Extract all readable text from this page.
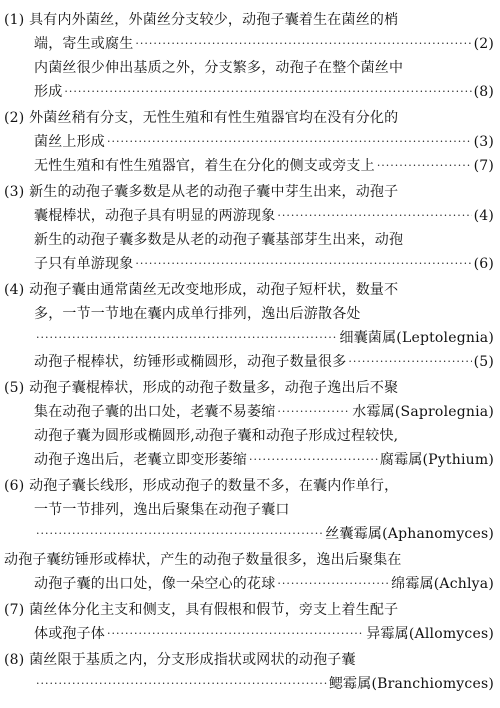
(1) 具有内外菌丝，外菌丝分支较少，动孢子囊着生在菌丝的梢
端，寄生或腐生 ·····	(2)
内菌丝很少伸出基质之外，分支繁多，动孢子在整个菌丝中
形成 ·····	(8)
(2) 外菌丝稍有分支，无性生殖和有性生殖器官均在没有分化的
菌丝上形成 ·····	(3)
无性生殖和有性生殖器官，着生在分化的侧支或旁支上 ·····	(7)
(3) 新生的动孢子囊多数是从老的动孢子囊中芽生出来，动孢子
囊棍棒状，动孢子具有明显的两游现象 ·····	(4)
新生的动孢子囊多数是从老的动孢子囊基部芽生出来，动孢
子只有单游现象 ·····	(6)
(4) 动孢子囊由通常菌丝无改变地形成，动孢子短杆状，数量不
多，一节一节地在囊内成单行排列，逸出后游散各处
·····
细囊菌属(Leptolegnia)
动孢子棍棒状，纺锤形或椭圆形，动孢子数量很多 ·····	(5)
(5) 动孢子囊棍棒状，形成的动孢子数量多，动孢子逸出后不聚
集在动孢子囊的出口处，老囊不易萎缩 ·····	水霉属(Saprolegnia)
动孢子囊为圆形或椭圆形,动孢子囊和动孢子形成过程较快,
动孢子逸出后，老囊立即变形萎缩 ·····	腐霉属(Pythium)
(6) 动孢子囊长线形，形成动孢子的数量不多，在囊内作单行，
一节一节排列，逸出后聚集在动孢子囊口
·····
丝囊霉属(Aphanomyces)
动孢子囊纺锤形或棒状，产生的动孢子数量很多，逸出后聚集在
动孢子囊的出口处，像一朵空心的花球 ·····	绵霉属(Achlya)
(7) 菌丝体分化主支和侧支，具有假根和假节，旁支上着生配子
体或孢子体 ·····	异霉属(Allomyces)
(8) 菌丝限于基质之内，分支形成指状或网状的动孢子囊
·····
鳃霉属(Branchiomyces)
